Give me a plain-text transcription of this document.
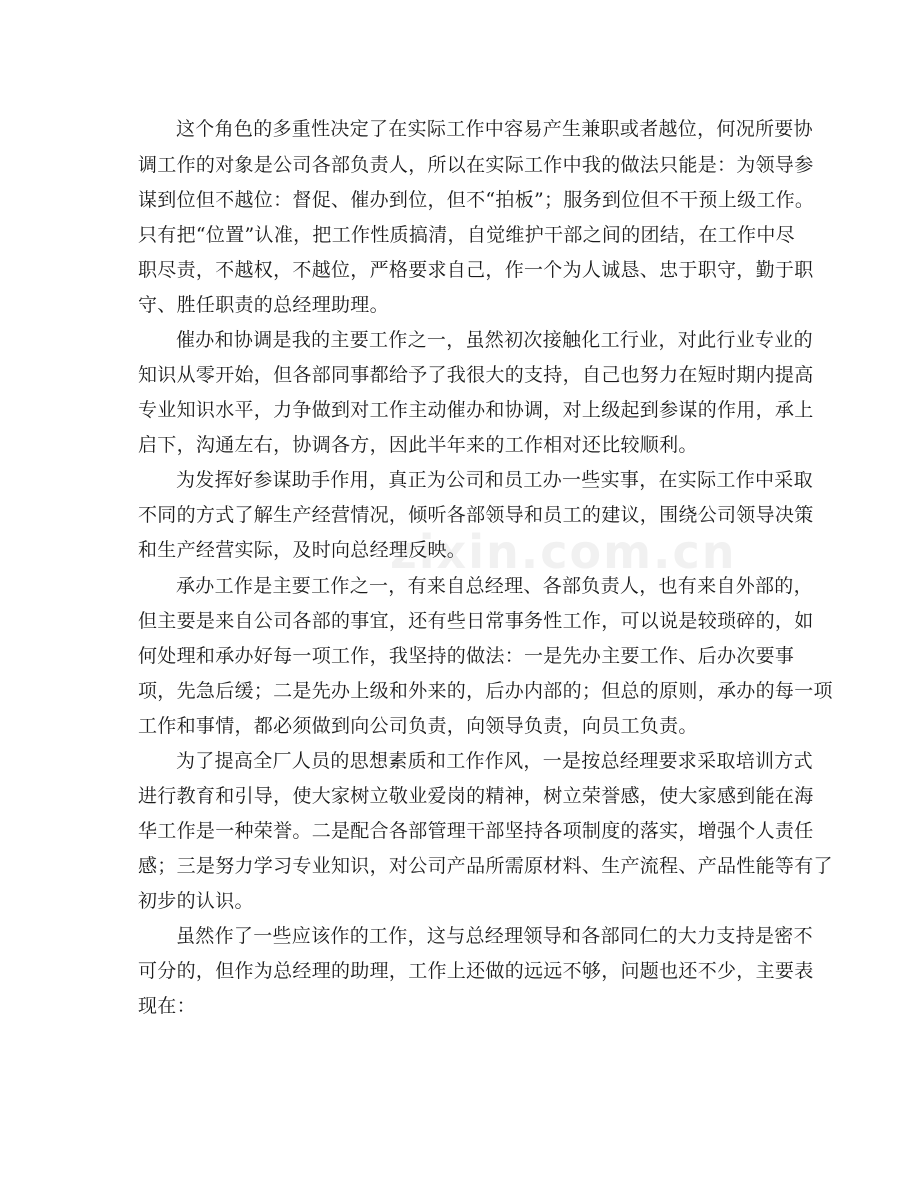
zixin.com.cn
这个角色的多重性决定了在实际工作中容易产生兼职或者越位，何况所要协
调工作的对象是公司各部负责人，所以在实际工作中我的做法只能是：为领导参
谋到位但不越位：督促、催办到位，但不“拍板”；服务到位但不干预上级工作。
只有把“位置”认准，把工作性质搞清，自觉维护干部之间的团结，在工作中尽
职尽责，不越权，不越位，严格要求自己，作一个为人诚恳、忠于职守，勤于职
守、胜任职责的总经理助理。
催办和协调是我的主要工作之一，虽然初次接触化工行业，对此行业专业的
知识从零开始，但各部同事都给予了我很大的支持，自己也努力在短时期内提高
专业知识水平，力争做到对工作主动催办和协调，对上级起到参谋的作用，承上
启下，沟通左右，协调各方，因此半年来的工作相对还比较顺利。
为发挥好参谋助手作用，真正为公司和员工办一些实事，在实际工作中采取
不同的方式了解生产经营情况，倾听各部领导和员工的建议，围绕公司领导决策
和生产经营实际，及时向总经理反映。
承办工作是主要工作之一，有来自总经理、各部负责人，也有来自外部的，
但主要是来自公司各部的事宜，还有些日常事务性工作，可以说是较琐碎的，如
何处理和承办好每一项工作，我坚持的做法：一是先办主要工作、后办次要事
项，先急后缓；二是先办上级和外来的，后办内部的；但总的原则，承办的每一项
工作和事情，都必须做到向公司负责，向领导负责，向员工负责。
为了提高全厂人员的思想素质和工作作风，一是按总经理要求采取培训方式
进行教育和引导，使大家树立敬业爱岗的精神，树立荣誉感，使大家感到能在海
华工作是一种荣誉。二是配合各部管理干部坚持各项制度的落实，增强个人责任
感；三是努力学习专业知识，对公司产品所需原材料、生产流程、产品性能等有了
初步的认识。
虽然作了一些应该作的工作，这与总经理领导和各部同仁的大力支持是密不
可分的，但作为总经理的助理，工作上还做的远远不够，问题也还不少，主要表
现在：
